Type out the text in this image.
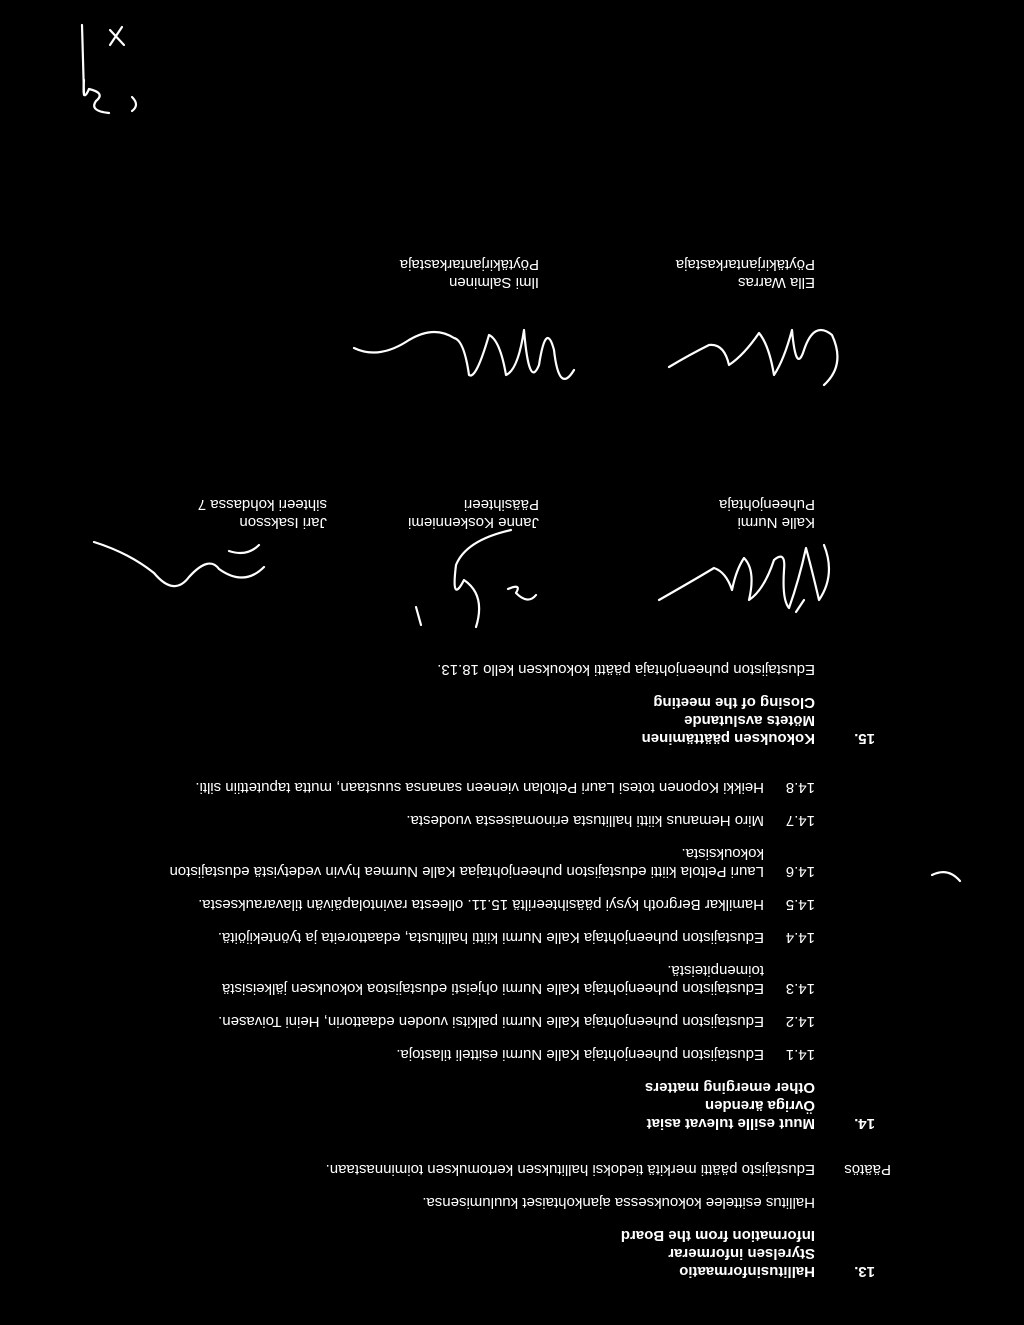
13.
Hallitusinformaatio
Styrelsen informerar
Information from the Board
Hallitus esittelee kokouksessa ajankohtaiset kuulumisensa.
Päätös
Edustajisto päätti merkitä tiedoksi hallituksen kertomuksen toiminnastaan.
14.
Muut esille tulevat asiat
Övriga ärenden
Other emerging matters
14.1
Edustajiston puheenjohtaja Kalle Nurmi esitteli tilastoja.
14.2
Edustajiston puheenjohtaja Kalle Nurmi palkitsi vuoden edaattorin, Heini Toivasen.
14.3
Edustajiston puheenjohtaja Kalle Nurmi ohjeisti edustajistoa kokouksen jälkeisistä
toimenpiteistä.
14.4
Edustajiston puheenjohtaja Kalle Nurmi kiitti hallitusta, edaattoreita ja työntekijöitä.
14.5
Hamilkar Bergroth kysyi pääsihteeriltä 15.11. olleesta ravintolapäivän tilavarauksesta.
14.6
Lauri Peltola kiitti edustajiston puheenjohtajaa Kalle Nurmea hyvin vedetyistä edustajiston
kokouksista.
14.7
Miro Hemanus kiitti hallitusta erinomaisesta vuodesta.
14.8
Heikki Koponen totesi Lauri Peltolan vieneen sanansa suustaan, mutta taputettiin silti.
15.
Kokouksen päättäminen
Mötets avslutande
Closing of the meeting
Edustajiston puheenjohtaja päätti kokouksen kello 18.13.
Kalle Nurmi
Puheenjohtaja
Janne Koskenniemi
Pääsihteeri
Jari Isaksson
sihteeri kohdassa 7
Ella Warras
Pöytäkirjantarkastaja
Ilmi Salminen
Pöytäkirjantarkastaja
